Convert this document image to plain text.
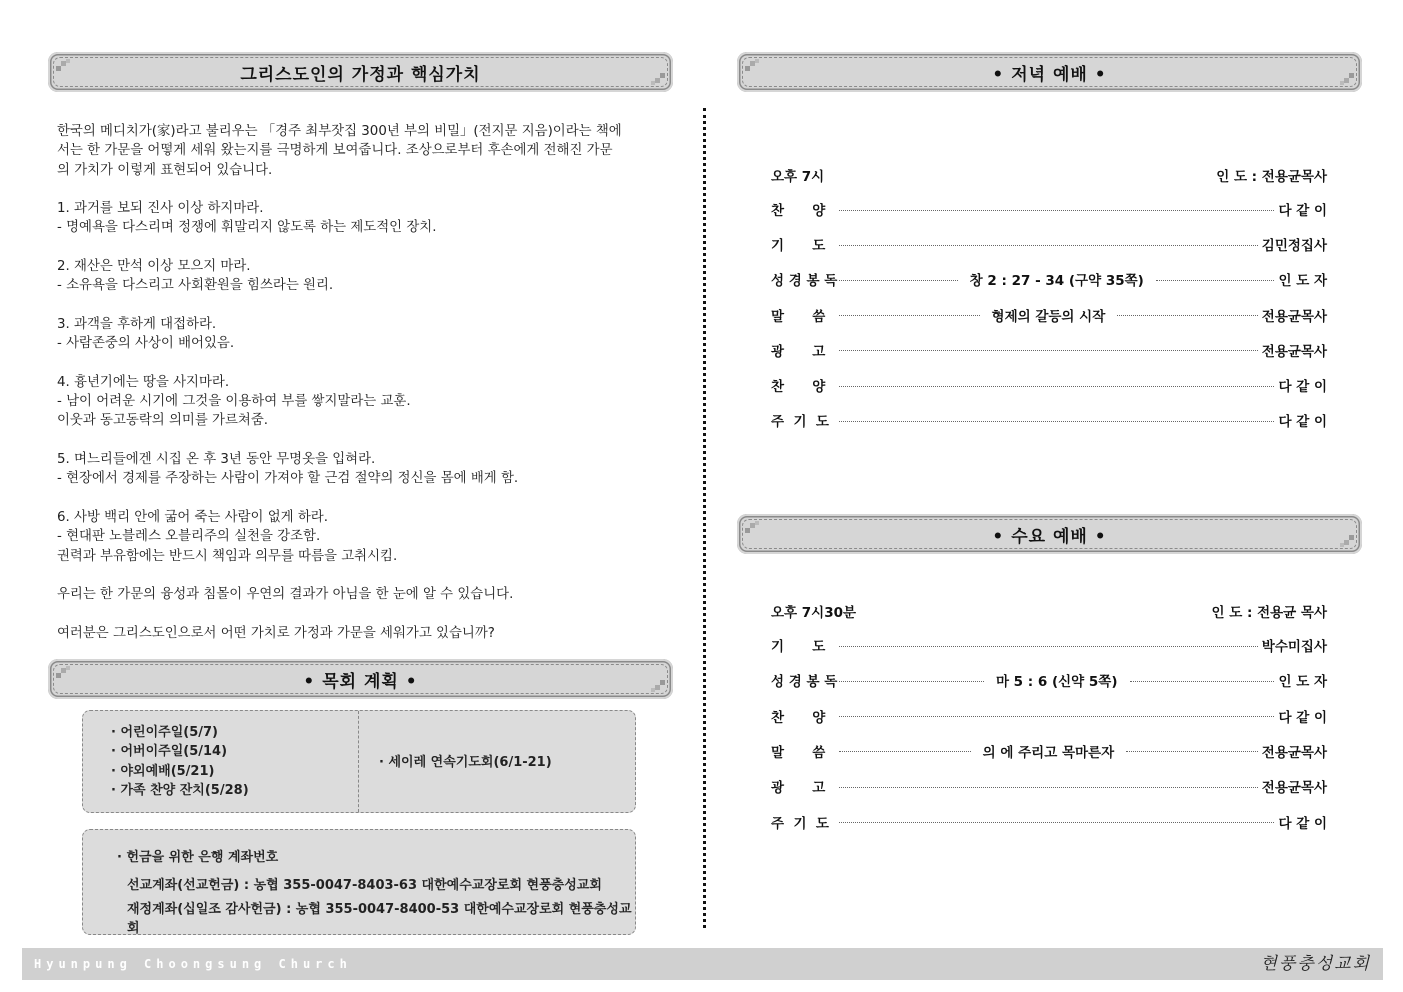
그리스도인의 가정과 핵심가치

한국의 메디치가(家)라고 불리우는 「경주 최부잣집 300년 부의 비밀」(전지문 지음)이라는 책에

서는 한 가문을 어떻게 세워 왔는지를 극명하게 보여줍니다. 조상으로부터 후손에게 전해진 가문

의 가치가 이렇게 표현되어 있습니다.

1. 과거를 보되 진사 이상 하지마라.

- 명예욕을 다스리며 정쟁에 휘말리지 않도록 하는 제도적인 장치.

2. 재산은 만석 이상 모으지 마라.

- 소유욕을 다스리고 사회환원을 힘쓰라는 원리.

3. 과객을 후하게 대접하라.

- 사람존중의 사상이 배어있음.

4. 흉년기에는 땅을 사지마라.

- 남이 어려운 시기에 그것을 이용하여 부를 쌓지말라는 교훈.

이웃과 동고동락의 의미를 가르쳐줌.

5. 며느리들에겐 시집 온 후 3년 동안 무명옷을 입혀라.

- 현장에서 경제를 주장하는 사람이 가져야 할 근검 절약의 정신을 몸에 배게 함.

6. 사방 백리 안에 굶어 죽는 사람이 없게 하라.

- 현대판 노블레스 오블리주의 실천을 강조함.

권력과 부유함에는 반드시 책임과 의무를 따름을 고취시킴.

우리는 한 가문의 융성과 침몰이 우연의 결과가 아님을 한 눈에 알 수 있습니다.

여러분은 그리스도인으로서 어떤 가치로 가정과 가문을 세워가고 있습니까?

• 목회 계획 •
· 어린이주일(5/7)
· 어버이주일(5/14)
· 야외예배(5/21)
· 가족 찬양 잔치(5/28)
· 세이레 연속기도회(6/1-21)
· 헌금을 위한 은행 계좌번호
선교계좌(선교헌금) : 농협 355-0047-8403-63 대한예수교장로회 현풍충성교회
재정계좌(십일조 감사헌금) : 농협 355-0047-8400-53 대한예수교장로회 현풍충성교회
• 저녁 예배 •
오후 7시	인 도 : 전용균목사
찬      양	다 같 이
기      도	김민정집사
성 경 봉 독	창 2 : 27 - 34 (구약 35쪽)	인 도 자
말      씀	형제의 갈등의 시작	전용균목사
광      고	전용균목사
찬      양	다 같 이
주  기  도	다 같 이
• 수요 예배 •
오후 7시30분	인 도 : 전용균 목사
기      도	박수미집사
성 경 봉 독	마 5 : 6 (신약 5쪽)	인 도 자
찬      양	다 같 이
말      씀	의 에 주리고 목마른자	전용균목사
광      고	전용균목사
주  기  도	다 같 이
Hyunpung Choongsung Church	현풍충성교회
